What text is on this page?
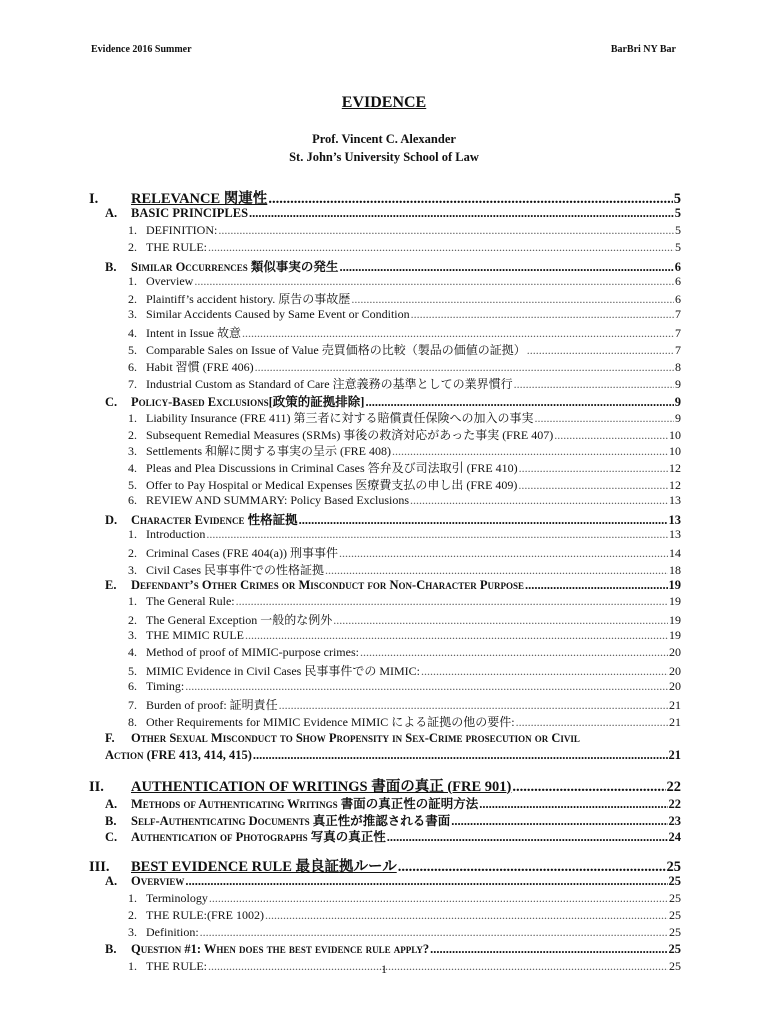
Evidence 2016 Summer	BarBri NY Bar
EVIDENCE
Prof. Vincent C. Alexander
St. John’s University School of Law
I.	RELEVANCE 関連性 .....	5
A.	BASIC PRINCIPLES .....	5
1. DEFINITION: .....	5
2. THE RULE: .....	5
B.	Similar Occurrences 類似事実の発生 .....	6
1. Overview .....	6
2. Plaintiff’s accident history. 原告の事故歴 .....	6
3. Similar Accidents Caused by Same Event or Condition .....	7
4. Intent in Issue 故意 .....	7
5. Comparable Sales on Issue of Value 売買価格の比較（製品の価値の証拠） .....	7
6. Habit 習慣 (FRE 406) .....	8
7. Industrial Custom as Standard of Care 注意義務の基準としての業界慣行 .....	9
C.	Policy-Based Exclusions[政策的証拠排除] .....	9
1. Liability Insurance (FRE 411) 第三者に対する賠償責任保険への加入の事実 .....	9
2. Subsequent Remedial Measures (SRMs) 事後の救済対応があった事実 (FRE 407) .....	10
3. Settlements 和解に関する事実の呈示 (FRE 408) .....	10
4. Pleas and Plea Discussions in Criminal Cases 答弁及び司法取引 (FRE 410) .....	12
5. Offer to Pay Hospital or Medical Expenses 医療費支払の申し出 (FRE 409) .....	12
6. REVIEW AND SUMMARY: Policy Based Exclusions .....	13
D.	Character Evidence 性格証拠 .....	13
1. Introduction .....	13
2. Criminal Cases (FRE 404(a)) 刑事事件 .....	14
3. Civil Cases 民事事件での性格証拠 .....	18
E.	Defendant’s Other Crimes or Misconduct for Non-Character Purpose .....	19
1. The General Rule: .....	19
2. The General Exception 一般的な例外 .....	19
3. THE MIMIC RULE .....	19
4. Method of proof of MIMIC-purpose crimes: .....	20
5. MIMIC Evidence in Civil Cases 民事事件での MIMIC: .....	20
6. Timing: .....	20
7. Burden of proof: 証明責任 .....	21
8. Other Requirements for MIMIC Evidence MIMIC による証拠の他の要件: .....	21
F.	Other Sexual Misconduct to Show Propensity in Sex-Crime prosecution or Civil
Action (FRE 413, 414, 415) .....	21
II.	AUTHENTICATION OF WRITINGS 書面の真正 (FRE 901) .....	22
A.	Methods of Authenticating Writings 書面の真正性の証明方法 .....	22
B.	Self-Authenticating Documents 真正性が推認される書面 .....	23
C.	Authentication of Photographs 写真の真正性 .....	24
III.	BEST EVIDENCE RULE 最良証拠ルール .....	25
A.	Overview .....	25
1. Terminology .....	25
2. THE RULE:(FRE 1002) .....	25
3. Definition: .....	25
B.	Question #1: When does the best evidence rule apply? .....	25
1. THE RULE: .....	25
1
